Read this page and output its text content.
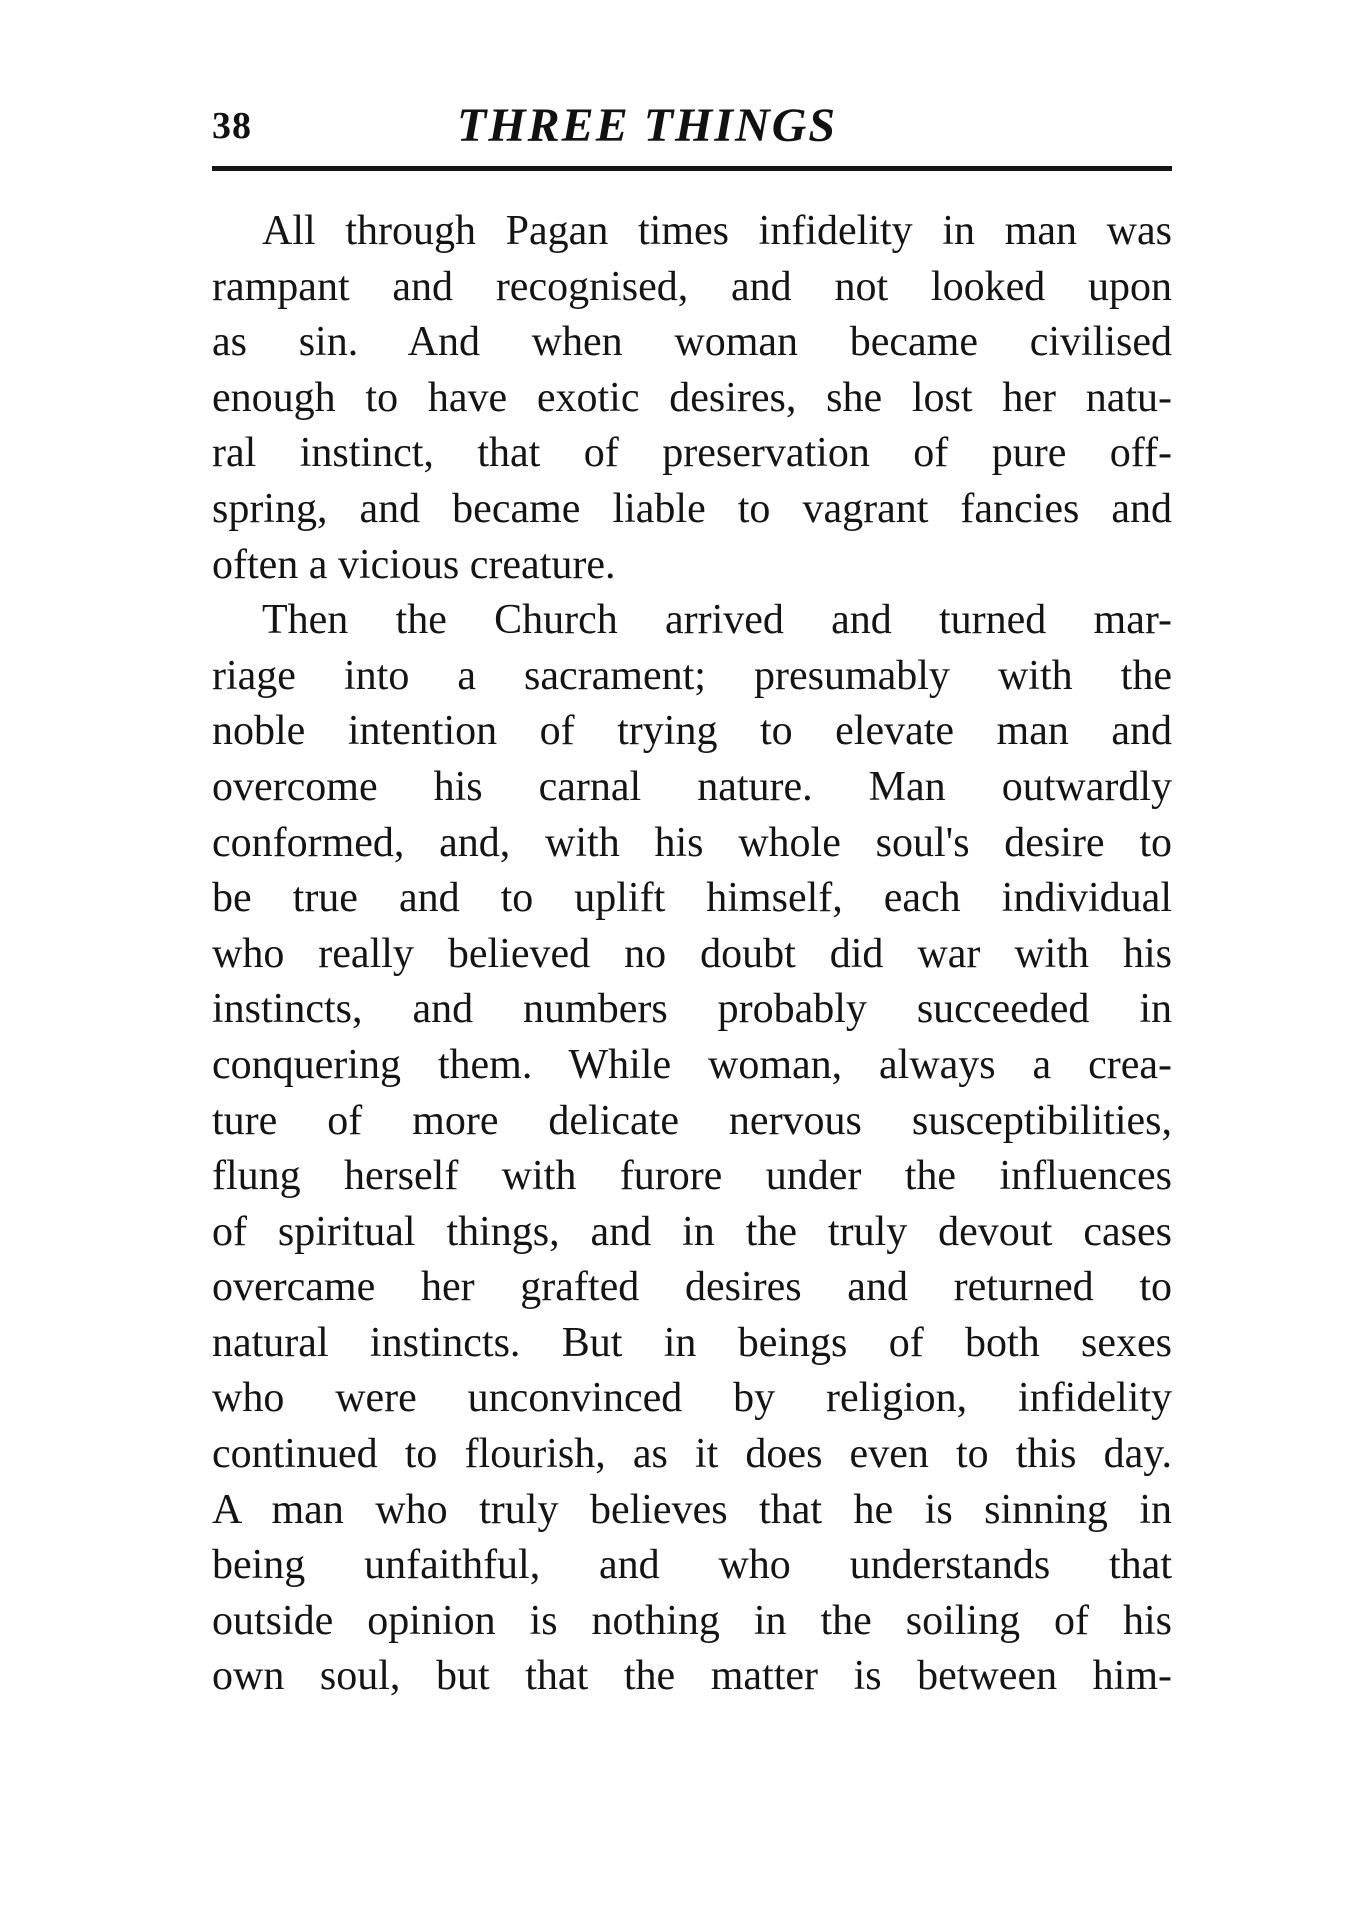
38	THREE THINGS
All through Pagan times infidelity in man was
rampant and recognised, and not looked upon
as sin. And when woman became civilised
enough to have exotic desires, she lost her natu-
ral instinct, that of preservation of pure off-
spring, and became liable to vagrant fancies and
often a vicious creature.
Then the Church arrived and turned mar-
riage into a sacrament; presumably with the
noble intention of trying to elevate man and
overcome his carnal nature. Man outwardly
conformed, and, with his whole soul's desire to
be true and to uplift himself, each individual
who really believed no doubt did war with his
instincts, and numbers probably succeeded in
conquering them. While woman, always a crea-
ture of more delicate nervous susceptibilities,
flung herself with furore under the influences
of spiritual things, and in the truly devout cases
overcame her grafted desires and returned to
natural instincts. But in beings of both sexes
who were unconvinced by religion, infidelity
continued to flourish, as it does even to this day.
A man who truly believes that he is sinning in
being unfaithful, and who understands that
outside opinion is nothing in the soiling of his
own soul, but that the matter is between him-
